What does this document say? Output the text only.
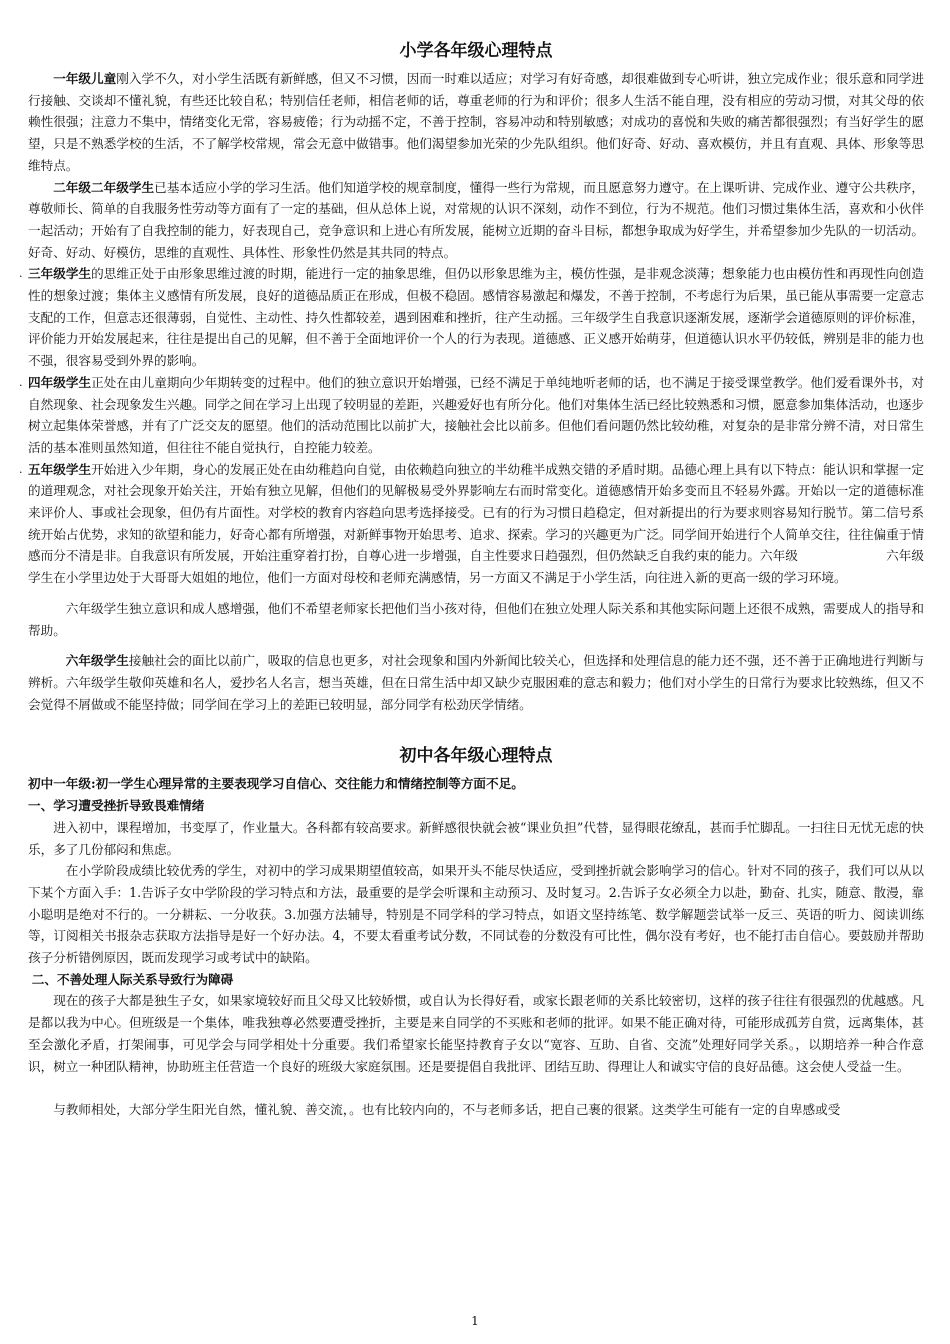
小学各年级心理特点

一年级儿童刚入学不久，对小学生活既有新鲜感，但又不习惯，因而一时难以适应；对学习有好奇感，却很难做到专心听讲，独立完成作业；很乐意和同学进行接触、交谈却不懂礼貌，有些还比较自私；特别信任老师，相信老师的话，尊重老师的行为和评价；很多人生活不能自理，没有相应的劳动习惯，对其父母的依赖性很强；注意力不集中，情绪变化无常，容易疲倦；行为动摇不定，不善于控制，容易冲动和特别敏感；对成功的喜悦和失败的痛苦都很强烈；有当好学生的愿望，只是不熟悉学校的生活，不了解学校常规，常会无意中做错事。他们渴望参加光荣的少先队组织。他们好奇、好动、喜欢模仿，并且有直观、具体、形象等思维特点。

二年级二年级学生已基本适应小学的学习生活。他们知道学校的规章制度，懂得一些行为常规，而且愿意努力遵守。在上课听讲、完成作业、遵守公共秩序，尊敬师长、简单的自我服务性劳动等方面有了一定的基础，但从总体上说，对常规的认识不深刻，动作不到位，行为不规范。他们习惯过集体生活，喜欢和小伙伴一起活动；开始有了自我控制的能力，好表现自己，竞争意识和上进心有所发展，能树立近期的奋斗目标，都想争取成为好学生，并希望参加少先队的一切活动。好奇、好动、好模仿，思维的直观性、具体性、形象性仍然是其共同的特点。

. 三年级学生的思维正处于由形象思维过渡的时期，能进行一定的抽象思维，但仍以形象思维为主，模仿性强，是非观念淡薄；想象能力也由模仿性和再现性向创造性的想象过渡；集体主义感情有所发展，良好的道德品质正在形成，但极不稳固。感情容易激起和爆发，不善于控制，不考虑行为后果，虽已能从事需要一定意志支配的工作，但意志还很薄弱，自觉性、主动性、持久性都较差，遇到困难和挫折，往产生动摇。三年级学生自我意识逐渐发展，逐渐学会道德原则的评价标准，评价能力开始发展起来，往往是提出自己的见解，但不善于全面地评价一个人的行为表现。道德感、正义感开始萌芽，但道德认识水平仍较低，辨别是非的能力也不强，很容易受到外界的影响。

. 四年级学生正处在由儿童期向少年期转变的过程中。他们的独立意识开始增强，已经不满足于单纯地听老师的话，也不满足于接受课堂教学。他们爱看课外书，对自然现象、社会现象发生兴趣。同学之间在学习上出现了较明显的差距，兴趣爱好也有所分化。他们对集体生活已经比较熟悉和习惯，愿意参加集体活动，也逐步树立起集体荣誉感，并有了广泛交友的愿望。他们的活动范围比以前扩大，接触社会比以前多。但他们看问题仍然比较幼稚，对复杂的是非常分辨不清，对日常生活的基本准则虽然知道，但往往不能自觉执行，自控能力较差。

. 五年级学生开始进入少年期，身心的发展正处在由幼稚趋向自觉，由依赖趋向独立的半幼稚半成熟交错的矛盾时期。品德心理上具有以下特点：能认识和掌握一定的道理观念，对社会现象开始关注，开始有独立见解，但他们的见解极易受外界影响左右而时常变化。道德感情开始多变而且不轻易外露。开始以一定的道德标准来评价人、事或社会现象，但仍有片面性。对学校的教育内容趋向思考选择接受。已有的行为习惯日趋稳定，但对新提出的行为要求则容易知行脱节。第二信号系统开始占优势，求知的欲望和能力，好奇心都有所增强，对新鲜事物开始思考、追求、探索。学习的兴趣更为广泛。同学间开始进行个人简单交往，往往偏重于情感而分不清是非。自我意识有所发展，开始注重穿着打扮，自尊心进一步增强，自主性要求日趋强烈，但仍然缺乏自我约束的能力。六年级　　　　　　　六年级学生在小学里边处于大哥哥大姐姐的地位，他们一方面对母校和老师充满感情，另一方面又不满足于小学生活，向往进入新的更高一级的学习环境。

六年级学生独立意识和成人感增强，他们不希望老师家长把他们当小孩对待，但他们在独立处理人际关系和其他实际问题上还很不成熟，需要成人的指导和帮助。

六年级学生接触社会的面比以前广，吸取的信息也更多，对社会现象和国内外新闻比较关心，但选择和处理信息的能力还不强，还不善于正确地进行判断与辨析。六年级学生敬仰英雄和名人，爱抄名人名言，想当英雄，但在日常生活中却又缺少克服困难的意志和毅力；他们对小学生的日常行为要求比较熟练，但又不会觉得不屑做或不能坚持做；同学间在学习上的差距已较明显，部分同学有松劲厌学情绪。

初中各年级心理特点

初中一年级:初一学生心理异常的主要表现学习自信心、交往能力和情绪控制等方面不足。

一、学习遭受挫折导致畏难情绪

进入初中，课程增加，书变厚了，作业量大。各科都有较高要求。新鲜感很快就会被“课业负担”代替，显得眼花缭乱，甚而手忙脚乱。一扫往日无忧无虑的快乐，多了几份郁闷和焦虑。

在小学阶段成绩比较优秀的学生，对初中的学习成果期望值较高，如果开头不能尽快适应，受到挫折就会影响学习的信心。针对不同的孩子，我们可以从以下某个方面入手：1.告诉子女中学阶段的学习特点和方法，最重要的是学会听课和主动预习、及时复习。2.告诉子女必须全力以赴，勤奋、扎实，随意、散漫，靠小聪明是绝对不行的。一分耕耘、一分收获。3.加强方法辅导，特别是不同学科的学习特点，如语文坚持练笔、数学解题尝试举一反三、英语的听力、阅读训练等，订阅相关书报杂志获取方法指导是好一个好办法。4，不要太看重考试分数，不同试卷的分数没有可比性，偶尔没有考好，也不能打击自信心。要鼓励并帮助孩子分析错例原因，既而发现学习或考试中的缺陷。

二、不善处理人际关系导致行为障碍

现在的孩子大都是独生子女，如果家境较好而且父母又比较娇惯，或自认为长得好看，或家长跟老师的关系比较密切，这样的孩子往往有很强烈的优越感。凡是都以我为中心。但班级是一个集体，唯我独尊必然要遭受挫折，主要是来自同学的不买账和老师的批评。如果不能正确对待，可能形成孤芳自赏，远离集体，甚至会激化矛盾，打架闹事，可见学会与同学相处十分重要。我们希望家长能坚持教育子女以“宽容、互助、自省、交流”处理好同学关系。，以期培养一种合作意识，树立一种团队精神，协助班主任营造一个良好的班级大家庭氛围。还是要提倡自我批评、团结互助、得理让人和诚实守信的良好品德。这会使人受益一生。

与教师相处，大部分学生阳光自然，懂礼貌、善交流，。也有比较内向的，不与老师多话，把自己裹的很紧。这类学生可能有一定的自卑感或受

1
